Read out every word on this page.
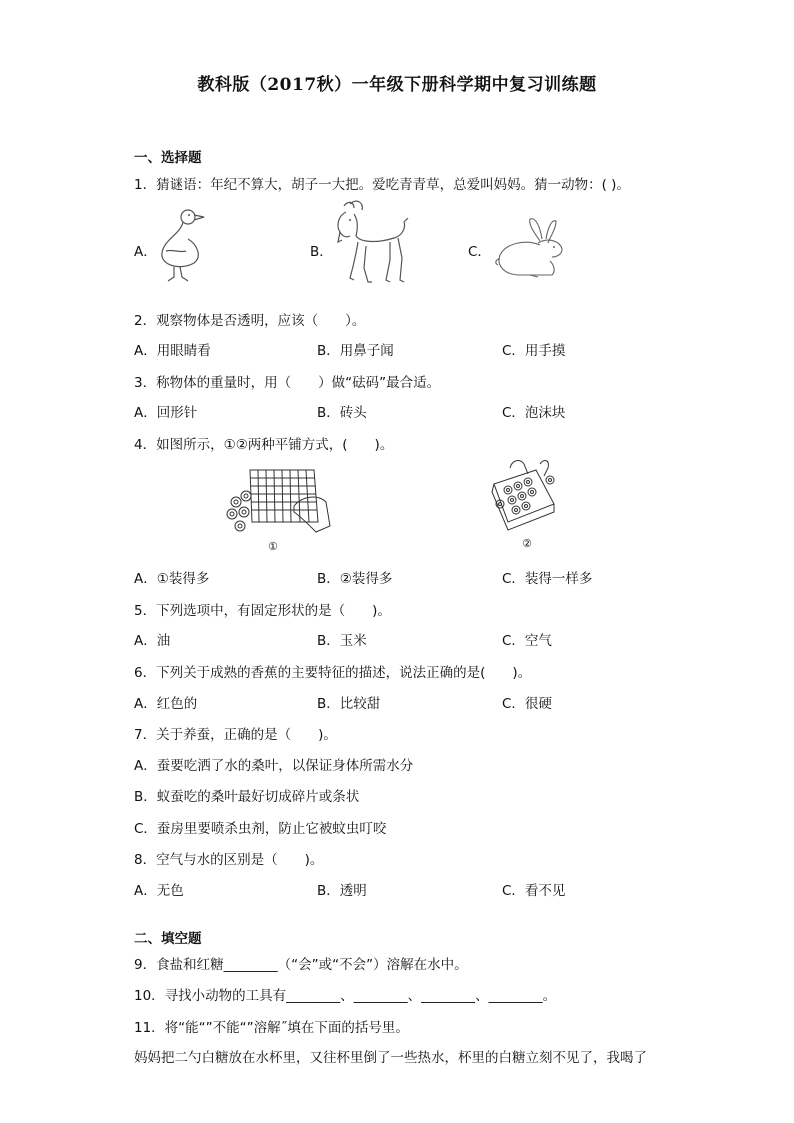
教科版（2017秋）一年级下册科学期中复习训练题
一、选择题
1．猜谜语：年纪不算大，胡子一大把。爱吃青青草，总爱叫妈妈。猜一动物：( )。
A．	B．	C．
2．观察物体是否透明，应该（　　）。
A．用眼睛看	B．用鼻子闻	C．用手摸
3．称物体的重量时，用（　　）做“砝码”最合适。
A．回形针	B．砖头	C．泡沫块
4．如图所示，①②两种平铺方式，(　　)。
①	②
A．①装得多	B．②装得多	C．装得一样多
5．下列选项中，有固定形状的是（　　)。
A．油	B．玉米	C．空气
6．下列关于成熟的香蕉的主要特征的描述，说法正确的是(　　)。
A．红色的	B．比较甜	C．很硬
7．关于养蚕，正确的是（　　)。
A．蚕要吃洒了水的桑叶，以保证身体所需水分
B．蚁蚕吃的桑叶最好切成碎片或条状
C．蚕房里要喷杀虫剂，防止它被蚊虫叮咬
8．空气与水的区别是（　　)。
A．无色	B．透明	C．看不见
二、填空题
9．食盐和红糖________（“会”或“不会”）溶解在水中。
10．寻找小动物的工具有________、________、________、________。
11．将“能“”不能“”溶解˝填在下面的括号里。
妈妈把二勺白糖放在水杯里，又往杯里倒了一些热水，杯里的白糖立刻不见了，我喝了
